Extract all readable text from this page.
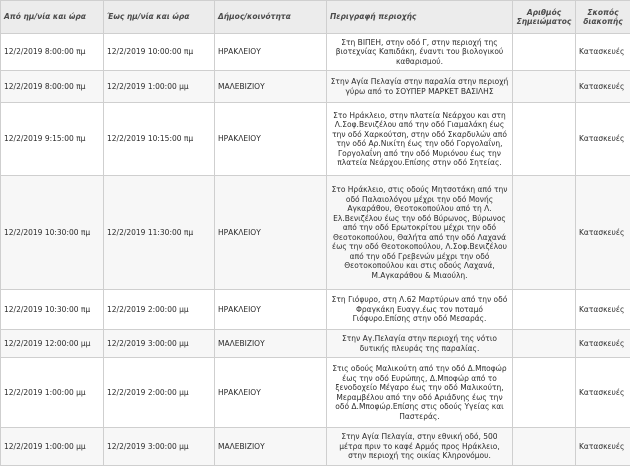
Από ημ/νία και ώρα	Έως ημ/νία και ώρα	Δήμος/κοινότητα	Περιγραφή περιοχής	Αριθμός Σημειώματος	Σκοπός διακοπής
12/2/2019 8:00:00 πμ	12/2/2019 10:00:00 πμ	ΗΡΑΚΛΕΙΟΥ	Στη ΒΙΠΕΗ, στην οδό Γ, στην περιοχή της βιοτεχνίας Καπιδάκη, έναντι του βιολογικού καθαρισμού.		Κατασκευές
12/2/2019 8:00:00 πμ	12/2/2019 1:00:00 μμ	ΜΑΛΕΒΙΖΙΟΥ	Στην Αγία Πελαγία στην παραλία στην περιοχή γύρω από το ΣΟΥΠΕΡ ΜΑΡΚΕΤ ΒΑΣΙΛΗΣ		Κατασκευές
12/2/2019 9:15:00 πμ	12/2/2019 10:15:00 πμ	ΗΡΑΚΛΕΙΟΥ	Στο Ηράκλειο, στην πλατεία Νεάρχου και στη Λ.Σοφ.Βενιζέλου από την οδό Γιαμαλάκη έως την οδό Χαρκούτση, στην οδό Σκαρδυλών από την οδό Αρ.Νικίτη έως την οδό Γοργολαΐνη, Γοργολαΐνη από την οδό Μυριόνου έως την πλατεία Νεάρχου.Επίσης στην οδό Σητείας.		Κατασκευές
12/2/2019 10:30:00 πμ	12/2/2019 11:30:00 πμ	ΗΡΑΚΛΕΙΟΥ	Στο Ηράκλειο, στις οδούς Μητσοτάκη από την οδό Παλαιολόγου μέχρι την οδό Μονής Αγκαράθου, Θεοτοκοπούλου από τη Λ. Ελ.Βενιζέλου έως την οδό Βύρωνος, Βύρωνος από την οδό Ερωτοκρίτου μέχρι την οδό Θεοτοκοπούλου, Θαλήτα από την οδό Λαχανά έως την οδό Θεοτοκοπούλου, Λ.Σοφ.Βενιζέλου από την οδό Γρεβενών μέχρι την οδό Θεοτοκοπούλου και στις οδούς Λαχανά, Μ.Αγκαράθου & Μιαούλη.		Κατασκευές
12/2/2019 10:30:00 πμ	12/2/2019 2:00:00 μμ	ΗΡΑΚΛΕΙΟΥ	Στη Γιόφυρο, στη Λ.62 Μαρτύρων από την οδό Φραγκάκη Ευαγγ.έως τον ποταμό Γιόφυρο.Επίσης στην οδό Μεσαράς.		Κατασκευές
12/2/2019 12:00:00 μμ	12/2/2019 3:00:00 μμ	ΜΑΛΕΒΙΖΙΟΥ	Στην Αγ.Πελαγία στην περιοχή της νότιο δυτικής πλευράς της παραλίας.		Κατασκευές
12/2/2019 1:00:00 μμ	12/2/2019 2:00:00 μμ	ΗΡΑΚΛΕΙΟΥ	Στις οδούς Μαλικούτη από την οδό Δ.Μποφώρ έως την οδό Ευρώπης, Δ.Μποφώρ από το ξενοδοχείο Μέγαρο έως την οδό Μαλικούτη, Μεραμβέλου από την οδό Αριάδνης έως την οδό Δ.Μποφώρ.Επίσης στις οδούς Υγείας και Παστεράς.		Κατασκευές
12/2/2019 1:00:00 μμ	12/2/2019 3:00:00 μμ	ΜΑΛΕΒΙΖΙΟΥ	Στην Αγία Πελαγία, στην εθνική οδό, 500 μέτρα πριν το καφέ Αρμός προς Ηράκλειο, στην περιοχή της οικίας Κληρονόμου.		Κατασκευές
